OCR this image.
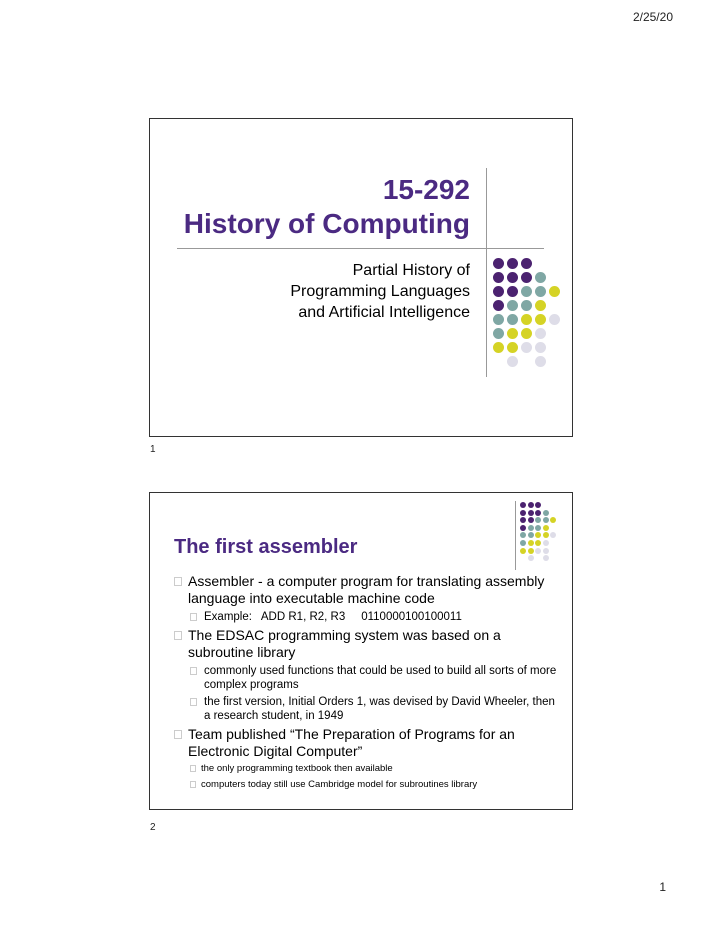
2/25/20
15-292
History of Computing
Partial History of
Programming Languages
and Artificial Intelligence
1
The first assembler
Assembler - a computer program for translating assembly language into executable machine code
Example:   ADD R1, R2, R3     0110000100100011
The EDSAC programming system was based on a subroutine library
commonly used functions that could be used to build all sorts of more complex programs
the first version, Initial Orders 1, was devised by David Wheeler, then a research student, in 1949
Team published “The Preparation of Programs for an Electronic Digital Computer”
the only programming textbook then available
computers today still use Cambridge model for subroutines library
2
1
